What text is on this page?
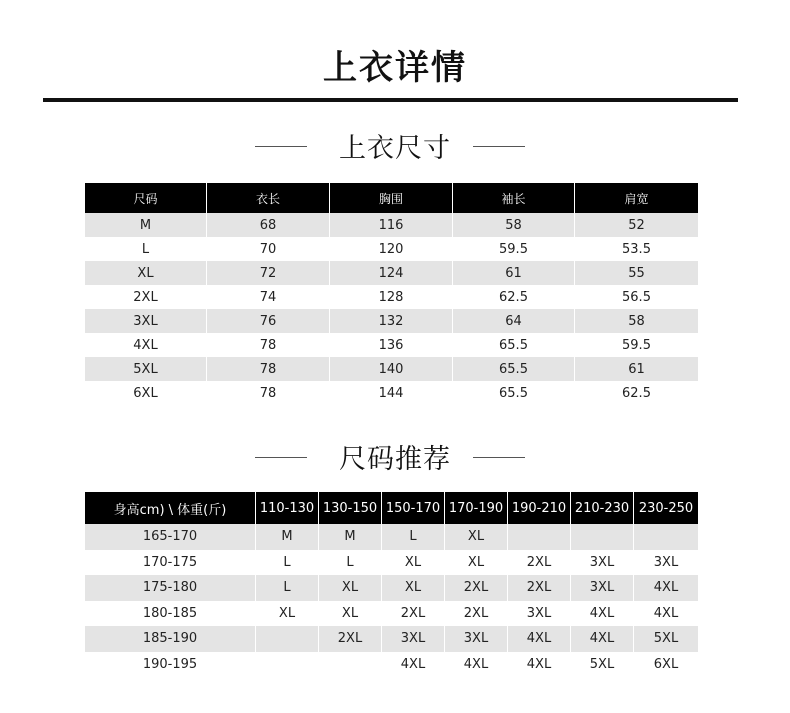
上衣详情
上衣尺寸
尺码	衣长	胸围	袖长	肩宽
M	68	116	58	52
L	70	120	59.5	53.5
XL	72	124	61	55
2XL	74	128	62.5	56.5
3XL	76	132	64	58
4XL	78	136	65.5	59.5
5XL	78	140	65.5	61
6XL	78	144	65.5	62.5
尺码推荐
身高cm) \ 体重(斤)	110-130	130-150	150-170	170-190	190-210	210-230	230-250
165-170	M	M	L	XL			
170-175	L	L	XL	XL	2XL	3XL	3XL
175-180	L	XL	XL	2XL	2XL	3XL	4XL
180-185	XL	XL	2XL	2XL	3XL	4XL	4XL
185-190		2XL	3XL	3XL	4XL	4XL	5XL
190-195			4XL	4XL	4XL	5XL	6XL
